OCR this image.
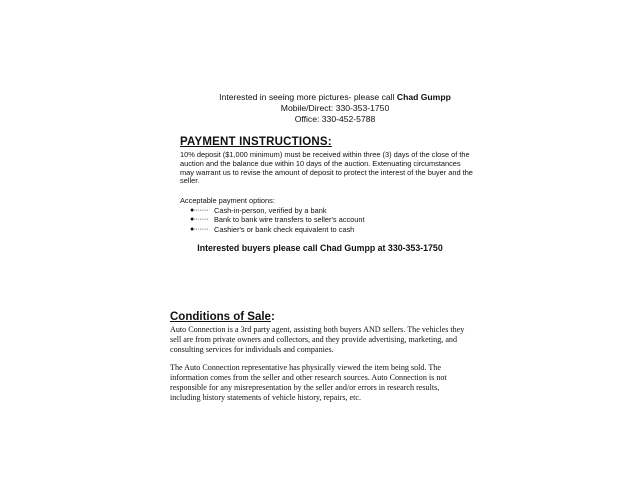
Interested in seeing more pictures- please call Chad Gumpp
Mobile/Direct: 330-353-1750
Office: 330-452-5788
PAYMENT INSTRUCTIONS:

10% deposit ($1,000 minimum) must be received within three (3) days of the close of the auction and the balance due within 10 days of the auction. Extenuating circumstances may warrant us to revise the amount of deposit to protect the interest of the buyer and the seller.

Acceptable payment options:
●········ Cash-in-person, verified by a bank
●········ Bank to bank wire transfers to seller's account
●········ Cashier's or bank check equivalent to cash
Interested buyers please call Chad Gumpp at 330-353-1750
Conditions of Sale:

Auto Connection is a 3rd party agent, assisting both buyers AND sellers. The vehicles they sell are from private owners and collectors, and they provide advertising, marketing, and consulting services for individuals and companies.

The Auto Connection representative has physically viewed the item being sold. The information comes from the seller and other research sources. Auto Connection is not responsible for any misrepresentation by the seller and/or errors in research results, including history statements of vehicle history, repairs, etc.
